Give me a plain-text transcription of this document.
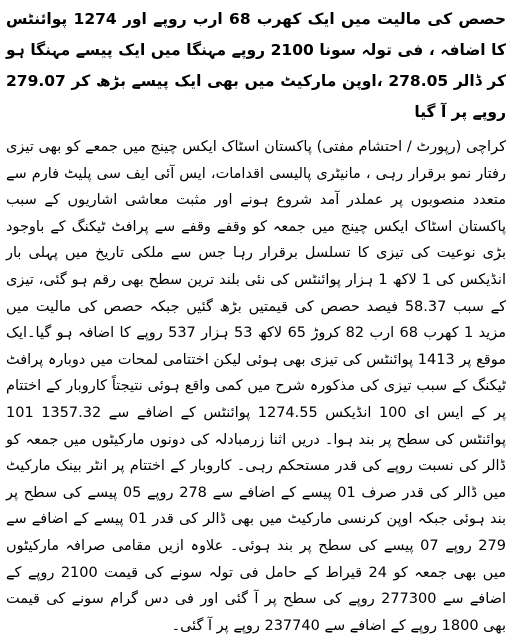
حصص کی مالیت میں ایک کھرب 68 ارب روپے اور 1274 پوائنٹس کا اضافہ ، فی تولہ سونا 2100 روپے مہنگا میں ایک پیسے مہنگا ہو کر ڈالر 278.05 ،اوپن مارکیٹ میں بھی ایک پیسے بڑھ کر 279.07 روپے پر آ گیا

کراچی (رپورٹ / احتشام مفتی) پاکستان اسٹاک ایکس چینج میں جمعے کو بھی تیزی رفتار نمو برقرار رہی ، مانیٹری پالیسی اقدامات، ایس آئی ایف سی پلیٹ فارم سے متعدد منصوبوں پر عملدر آمد شروع ہونے اور مثبت معاشی اشاریوں کے سبب پاکستان اسٹاک ایکس چینج میں جمعہ کو وقفے وقفے سے پرافٹ ٹیکنگ کے باوجود بڑی نوعیت کی تیزی کا تسلسل برقرار رہا جس سے ملکی تاریخ میں پہلی بار انڈیکس کی 1 لاکھ 1 ہزار پوائنٹس کی نئی بلند ترین سطح بھی رقم ہو گئی، تیزی کے سبب 58.37 فیصد حصص کی قیمتیں بڑھ گئیں جبکہ حصص کی مالیت میں مزید 1 کھرب 68 ارب 82 کروڑ 65 لاکھ 53 ہزار 537 روپے کا اضافہ ہو گیا۔ایک موقع پر 1413 پوائنٹس کی تیزی بھی ہوئی لیکن اختتامی لمحات میں دوبارہ پرافٹ ٹیکنگ کے سبب تیزی کی مذکورہ شرح میں کمی واقع ہوئی نتیجتاً کاروبار کے اختتام پر کے ایس ای 100 انڈیکس 1274.55 پوائنٹس کے اضافے سے 1357.32 101 پوائنٹس کی سطح پر بند ہوا۔ دریں اثنا زرمبادلہ کی دونوں مارکیٹوں میں جمعہ کو ڈالر کی نسبت روپے کی قدر مستحکم رہی۔ کاروبار کے اختتام پر انٹر بینک مارکیٹ میں ڈالر کی قدر صرف 01 پیسے کے اضافے سے 278 روپے 05 پیسے کی سطح پر بند ہوئی جبکہ اوپن کرنسی مارکیٹ میں بھی ڈالر کی قدر 01 پیسے کے اضافے سے 279 روپے 07 پیسے کی سطح پر بند ہوئی۔ علاوہ ازیں مقامی صرافہ مارکیٹوں میں بھی جمعہ کو 24 قیراط کے حامل فی تولہ سونے کی قیمت 2100 روپے کے اضافے سے 277300 روپے کی سطح پر آ گئی اور فی دس گرام سونے کی قیمت بھی 1800 روپے کے اضافے سے 237740 روپے پر آ گئی۔
